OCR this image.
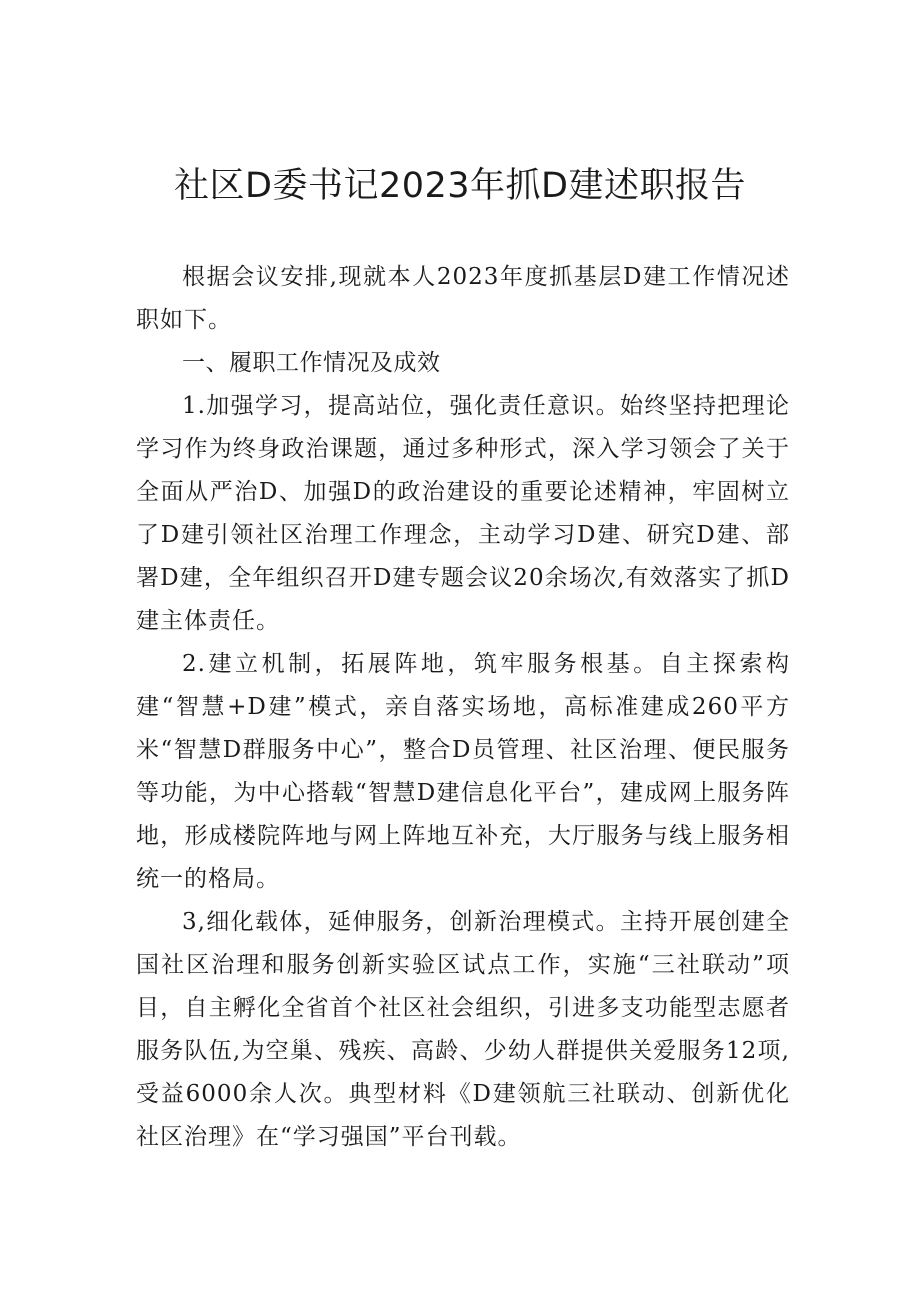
社区D委书记2023年抓D建述职报告

根据会议安排,现就本人2023年度抓基层D建工作情况述职如下。

一、履职工作情况及成效

1.加强学习，提高站位，强化责任意识。始终坚持把理论学习作为终身政治课题，通过多种形式，深入学习领会了关于全面从严治D、加强D的政治建设的重要论述精神，牢固树立了D建引领社区治理工作理念，主动学习D建、研究D建、部署D建，全年组织召开D建专题会议20余场次,有效落实了抓D建主体责任。

2.建立机制，拓展阵地，筑牢服务根基。自主探索构建“智慧+D建”模式，亲自落实场地，高标准建成260平方米“智慧D群服务中心”，整合D员管理、社区治理、便民服务等功能，为中心搭载“智慧D建信息化平台”，建成网上服务阵地，形成楼院阵地与网上阵地互补充，大厅服务与线上服务相统一的格局。

3,细化载体，延伸服务，创新治理模式。主持开展创建全国社区治理和服务创新实验区试点工作，实施“三社联动”项目，自主孵化全省首个社区社会组织，引进多支功能型志愿者服务队伍,为空巢、残疾、高龄、少幼人群提供关爱服务12项,受益6000余人次。典型材料《D建领航三社联动、创新优化社区治理》在“学习强国”平台刊载。
